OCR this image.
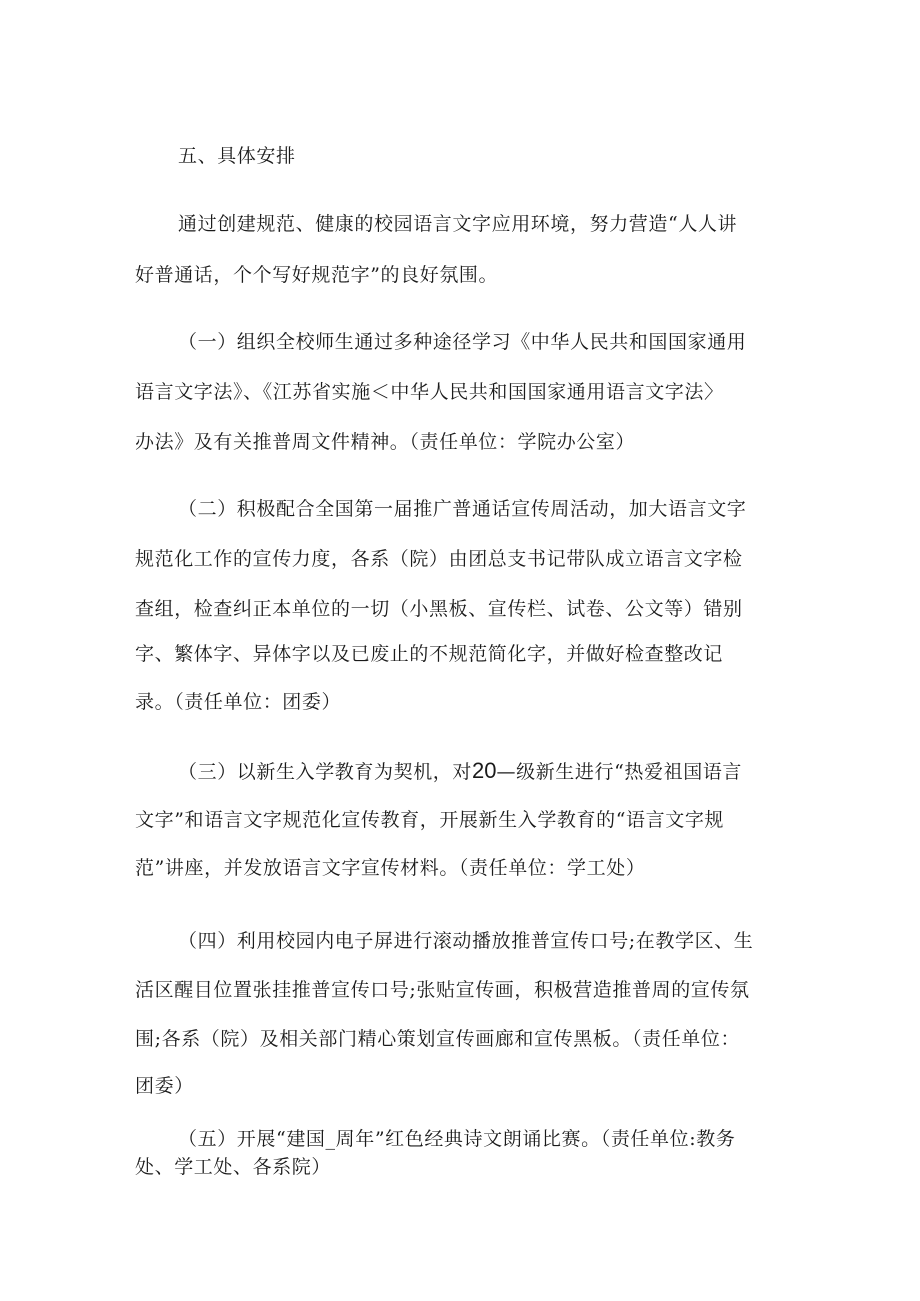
五、具体安排
通过创建规范、健康的校园语言文字应用环境，努力营造“人人讲
好普通话，个个写好规范字”的良好氛围。
（一）组织全校师生通过多种途径学习《中华人民共和国国家通用
语言文字法》、《江苏省实施＜中华人民共和国国家通用语言文字法〉
办法》及有关推普周文件精神。（责任单位：学院办公室）
（二）积极配合全国第一届推广普通话宣传周活动，加大语言文字
规范化工作的宣传力度，各系（院）由团总支书记带队成立语言文字检
查组，检查纠正本单位的一切（小黑板、宣传栏、试卷、公文等）错别
字、繁体字、异体字以及已废止的不规范简化字，并做好检查整改记
录。（责任单位：团委）
（三）以新生入学教育为契机，对20—级新生进行“热爱祖国语言
文字”和语言文字规范化宣传教育，开展新生入学教育的“语言文字规
范”讲座，并发放语言文字宣传材料。（责任单位：学工处）
（四）利用校园内电子屏进行滚动播放推普宣传口号;在教学区、生
活区醒目位置张挂推普宣传口号;张贴宣传画，积极营造推普周的宣传氛
围;各系（院）及相关部门精心策划宣传画廊和宣传黑板。（责任单位：
团委）
（五）开展“建国_周年”红色经典诗文朗诵比赛。（责任单位:教务
处、学工处、各系院）
